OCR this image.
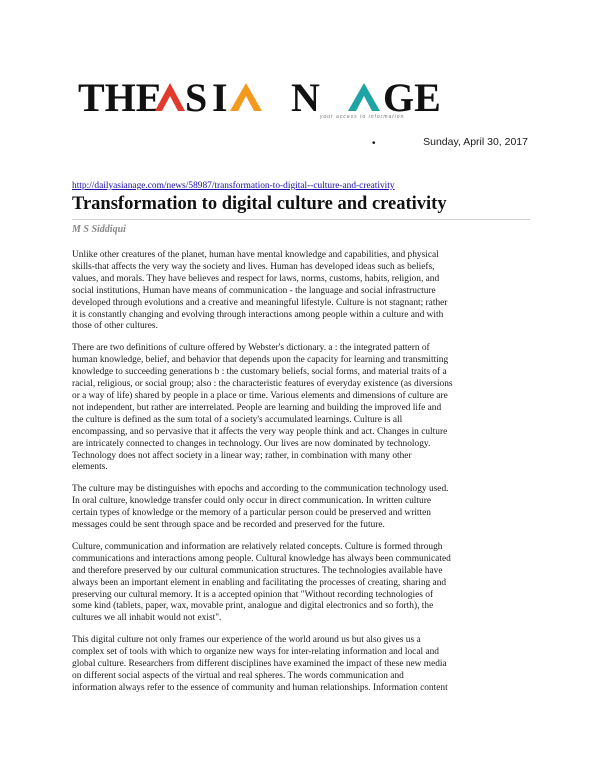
THE S I N GE
your access to information
•	Sunday, April 30, 2017
http://dailyasianage.com/news/58987/transformation-to-digital--culture-and-creativity
Transformation to digital culture and creativity
M S Siddiqui

Unlike other creatures of the planet, human have mental knowledge and capabilities, and physical
skills-that affects the very way the society and lives. Human has developed ideas such as beliefs,
values, and morals. They have believes and respect for laws, norms, customs, habits, religion, and
social institutions, Human have means of communication - the language and social infrastructure
developed through evolutions and a creative and meaningful lifestyle. Culture is not stagnant; rather
it is constantly changing and evolving through interactions among people within a culture and with
those of other cultures.

There are two definitions of culture offered by Webster's dictionary. a : the integrated pattern of
human knowledge, belief, and behavior that depends upon the capacity for learning and transmitting
knowledge to succeeding generations b : the customary beliefs, social forms, and material traits of a
racial, religious, or social group; also : the characteristic features of everyday existence (as diversions
or a way of life) shared by people in a place or time. Various elements and dimensions of culture are
not independent, but rather are interrelated. People are learning and building the improved life and
the culture is defined as the sum total of a society's accumulated learnings. Culture is all
encompassing, and so pervasive that it affects the very way people think and act. Changes in culture
are intricately connected to changes in technology. Our lives are now dominated by technology.
Technology does not affect society in a linear way; rather, in combination with many other
elements.

The culture may be distinguishes with epochs and according to the communication technology used.
In oral culture, knowledge transfer could only occur in direct communication. In written culture
certain types of knowledge or the memory of a particular person could be preserved and written
messages could be sent through space and be recorded and preserved for the future.

Culture, communication and information are relatively related concepts. Culture is formed through
communications and interactions among people. Cultural knowledge has always been communicated
and therefore preserved by our cultural communication structures. The technologies available have
always been an important element in enabling and facilitating the processes of creating, sharing and
preserving our cultural memory. It is a accepted opinion that "Without recording technologies of
some kind (tablets, paper, wax, movable print, analogue and digital electronics and so forth), the
cultures we all inhabit would not exist".

This digital culture not only frames our experience of the world around us but also gives us a
complex set of tools with which to organize new ways for inter-relating information and local and
global culture. Researchers from different disciplines have examined the impact of these new media
on different social aspects of the virtual and real spheres. The words communication and
information always refer to the essence of community and human relationships. Information content
